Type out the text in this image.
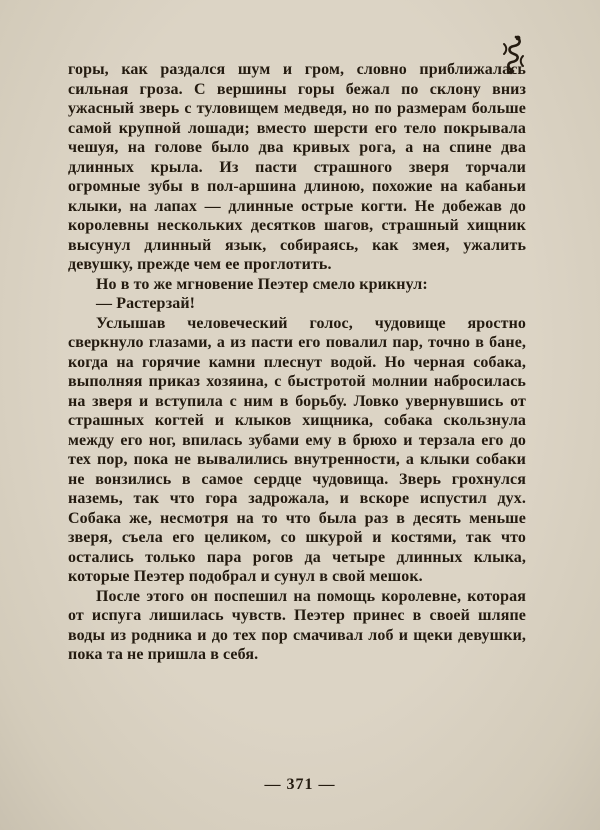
горы, как раздался шум и гром, словно приближалась сильная гроза. С вершины горы бежал по склону вниз ужасный зверь с туловищем медведя, но по размерам больше самой крупной лошади; вместо шерсти его тело покрывала чешуя, на голове было два кривых рога, а на спине два длинных крыла. Из пасти страшного зверя торчали огромные зубы в пол-аршина длиною, похожие на кабаньи клыки, на лапах — длинные острые когти. Не добежав до королевны нескольких десятков шагов, страшный хищник высунул длинный язык, собираясь, как змея, ужалить девушку, прежде чем ее проглотить.

Но в то же мгновение Пеэтер смело крикнул:

— Растерзай!

Услышав человеческий голос, чудовище яростно сверкнуло глазами, а из пасти его повалил пар, точно в бане, когда на горячие камни плеснут водой. Но черная собака, выполняя приказ хозяина, с быстротой молнии набросилась на зверя и вступила с ним в борьбу. Ловко увернувшись от страшных когтей и клыков хищника, собака скользнула между его ног, впилась зубами ему в брюхо и терзала его до тех пор, пока не вывалились внутренности, а клыки собаки не вонзились в самое сердце чудовища. Зверь грохнулся наземь, так что гора задрожала, и вскоре испустил дух. Собака же, несмотря на то что была раз в десять меньше зверя, съела его целиком, со шкурой и костями, так что остались только пара рогов да четыре длинных клыка, которые Пеэтер подобрал и сунул в свой мешок.

После этого он поспешил на помощь королевне, которая от испуга лишилась чувств. Пеэтер принес в своей шляпе воды из родника и до тех пор смачивал лоб и щеки девушки, пока та не пришла в себя.

— 371 —
